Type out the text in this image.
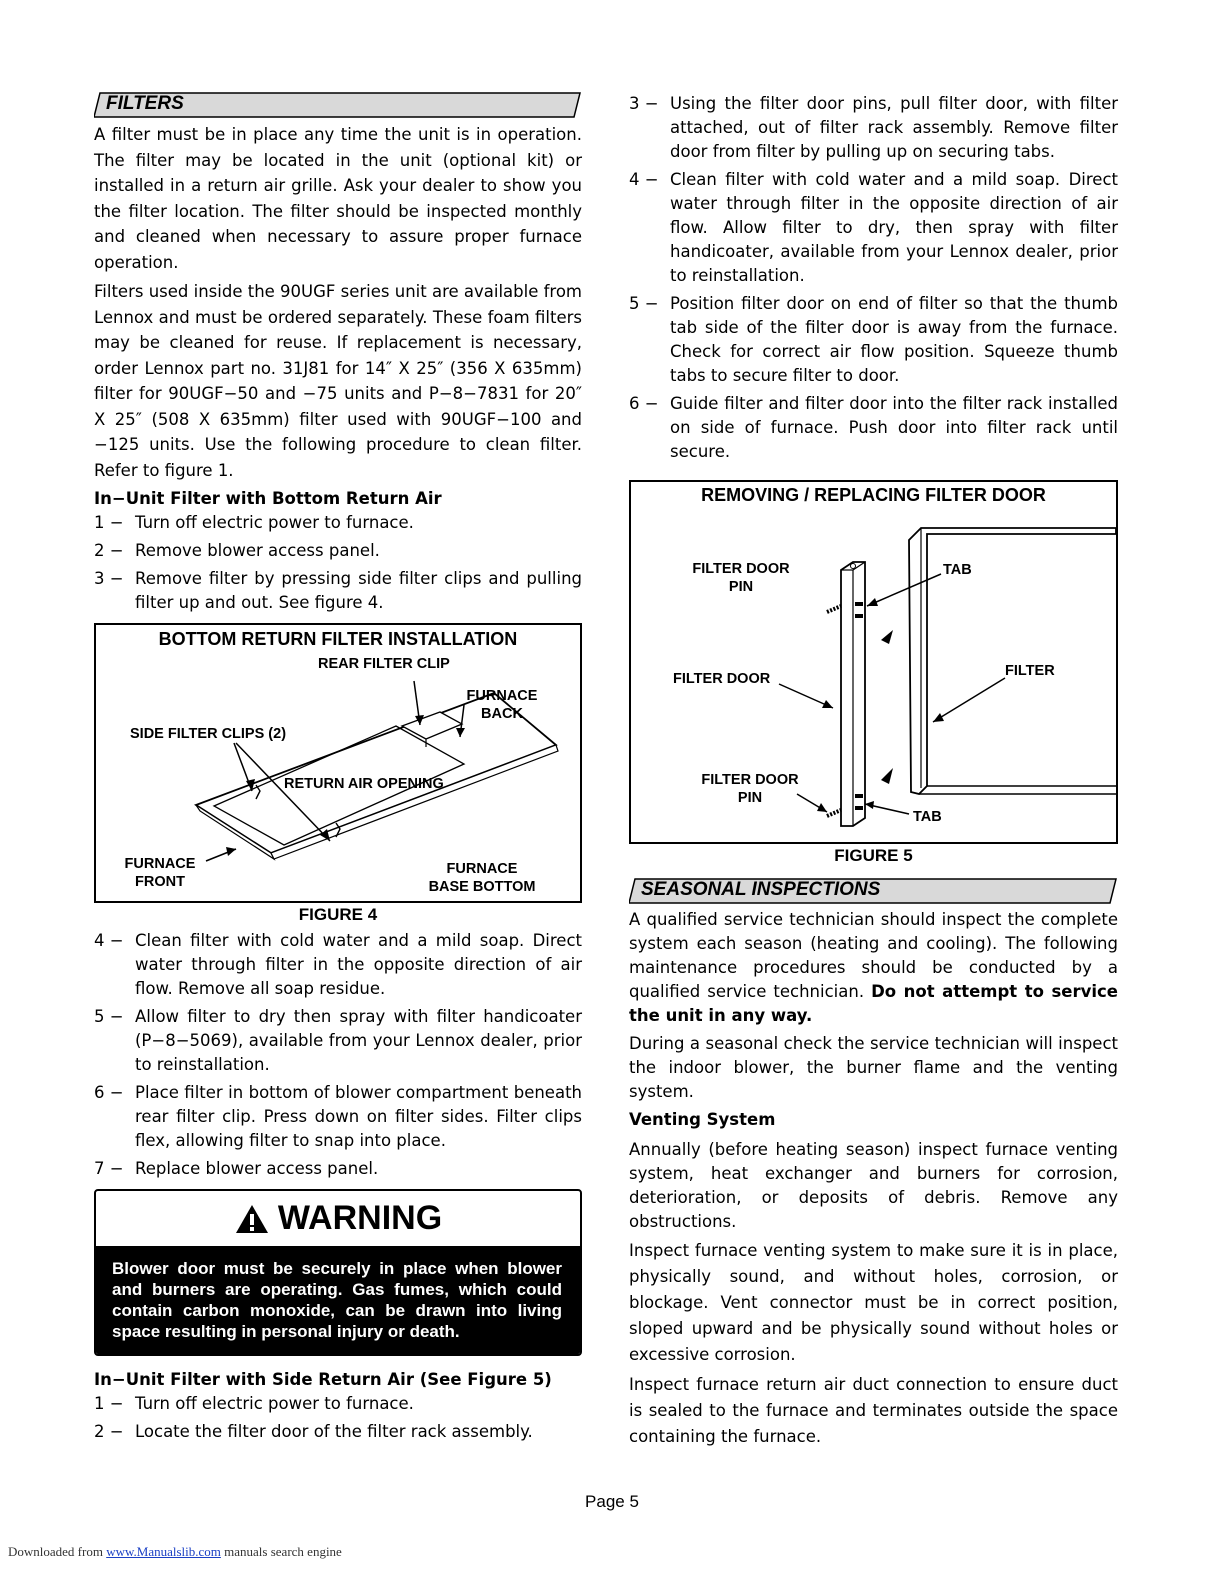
FILTERS

A filter must be in place any time the unit is in operation. The filter may be located in the unit (optional kit) or installed in a return air grille. Ask your dealer to show you the filter location. The filter should be inspected monthly and cleaned when necessary to assure proper furnace operation.

Filters used inside the 90UGF series unit are available from Lennox and must be ordered separately. These foam filters may be cleaned for reuse. If replacement is necessary, order Lennox part no. 31J81 for 14″ X 25″ (356 X 635mm) filter for 90UGF−50 and −75 units and P−8−7831 for 20″ X 25″ (508 X 635mm) filter used with 90UGF−100 and −125 units. Use the following procedure to clean filter. Refer to figure 1.

In−Unit Filter with Bottom Return Air
1 − Turn off electric power to furnace.
2 − Remove blower access panel.
3 − Remove filter by pressing side filter clips and pulling filter up and out. See figure 4.
BOTTOM RETURN FILTER INSTALLATION
REAR FILTER CLIP
FURNACE
BACK
SIDE FILTER CLIPS (2)
RETURN AIR OPENING
FURNACE
FRONT
FURNACE
BASE BOTTOM
FIGURE 4
4 − Clean filter with cold water and a mild soap. Direct water through filter in the opposite direction of air flow. Remove all soap residue.
5 − Allow filter to dry then spray with filter handicoater (P−8−5069), available from your Lennox dealer, prior to reinstallation.
6 − Place filter in bottom of blower compartment beneath rear filter clip. Press down on filter sides. Filter clips flex, allowing filter to snap into place.
7 − Replace blower access panel.
WARNING
Blower door must be securely in place when blower and burners are operating. Gas fumes, which could contain carbon monoxide, can be drawn into living space resulting in personal injury or death.
In−Unit Filter with Side Return Air (See Figure 5)
1 − Turn off electric power to furnace.
2 − Locate the filter door of the filter rack assembly.
3 − Using the filter door pins, pull filter door, with filter attached, out of filter rack assembly. Remove filter door from filter by pulling up on securing tabs.
4 − Clean filter with cold water and a mild soap. Direct water through filter in the opposite direction of air flow. Allow filter to dry, then spray with filter handicoater, available from your Lennox dealer, prior to reinstallation.
5 − Position filter door on end of filter so that the thumb tab side of the filter door is away from the furnace. Check for correct air flow position. Squeeze thumb tabs to secure filter to door.
6 − Guide filter and filter door into the filter rack installed on side of furnace. Push door into filter rack until secure.
REMOVING / REPLACING FILTER DOOR
FILTER DOOR
PIN
TAB
FILTER DOOR	FILTER
FILTER DOOR
PIN
TAB
FIGURE 5
SEASONAL INSPECTIONS

A qualified service technician should inspect the complete system each season (heating and cooling). The following maintenance procedures should be conducted by a qualified service technician. Do not attempt to service the unit in any way.

During a seasonal check the service technician will inspect the indoor blower, the burner flame and the venting system.

Venting System

Annually (before heating season) inspect furnace venting system, heat exchanger and burners for corrosion, deterioration, or deposits of debris. Remove any obstructions.

Inspect furnace venting system to make sure it is in place, physically sound, and without holes, corrosion, or blockage. Vent connector must be in correct position, sloped upward and be physically sound without holes or excessive corrosion.

Inspect furnace return air duct connection to ensure duct is sealed to the furnace and terminates outside the space containing the furnace.

Page 5
Downloaded from www.Manualslib.com manuals search engine
